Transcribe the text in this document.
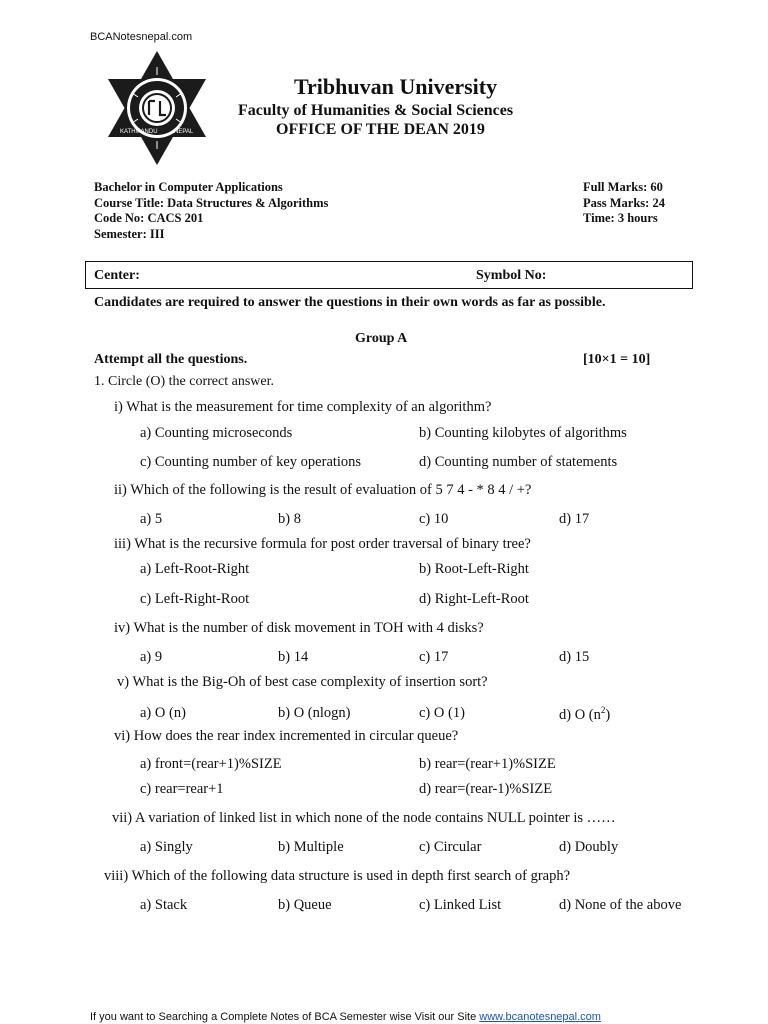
BCANotesnepal.com
KATHMANDU	NEPAL
Tribhuvan University
Faculty of Humanities & Social Sciences
OFFICE OF THE DEAN 2019
Bachelor in Computer Applications
Course Title: Data Structures & Algorithms
Code No: CACS 201
Semester: III
Full Marks: 60
Pass Marks: 24
Time: 3 hours
Center:	Symbol No:
Candidates are required to answer the questions in their own words as far as possible.
Group A
Attempt all the questions.	[10×1 = 10]
1. Circle (O) the correct answer.
i) What is the measurement for time complexity of an algorithm?
a) Counting microseconds	b) Counting kilobytes of algorithms
c) Counting number of key operations	d) Counting number of statements
ii) Which of the following is the result of evaluation of 5 7 4 - * 8 4 / +?
a) 5	b) 8	c) 10	d) 17
iii) What is the recursive formula for post order traversal of binary tree?
a) Left-Root-Right	b) Root-Left-Right
c) Left-Right-Root	d) Right-Left-Root
iv) What is the number of disk movement in TOH with 4 disks?
a) 9	b) 14	c) 17	d) 15
v) What is the Big-Oh of best case complexity of insertion sort?
a) O (n)	b) O (nlogn)	c) O (1)	d) O $(n^2)$
vi) How does the rear index incremented in circular queue?
a) front=(rear+1)%SIZE	b) rear=(rear+1)%SIZE
c) rear=rear+1	d) rear=(rear-1)%SIZE
vii) A variation of linked list in which none of the node contains NULL pointer is ……
a) Singly	b) Multiple	c) Circular	d) Doubly
viii) Which of the following data structure is used in depth first search of graph?
a) Stack	b) Queue	c) Linked List	d) None of the above
If you want to Searching a Complete Notes of BCA Semester wise Visit our Site www.bcanotesnepal.com
